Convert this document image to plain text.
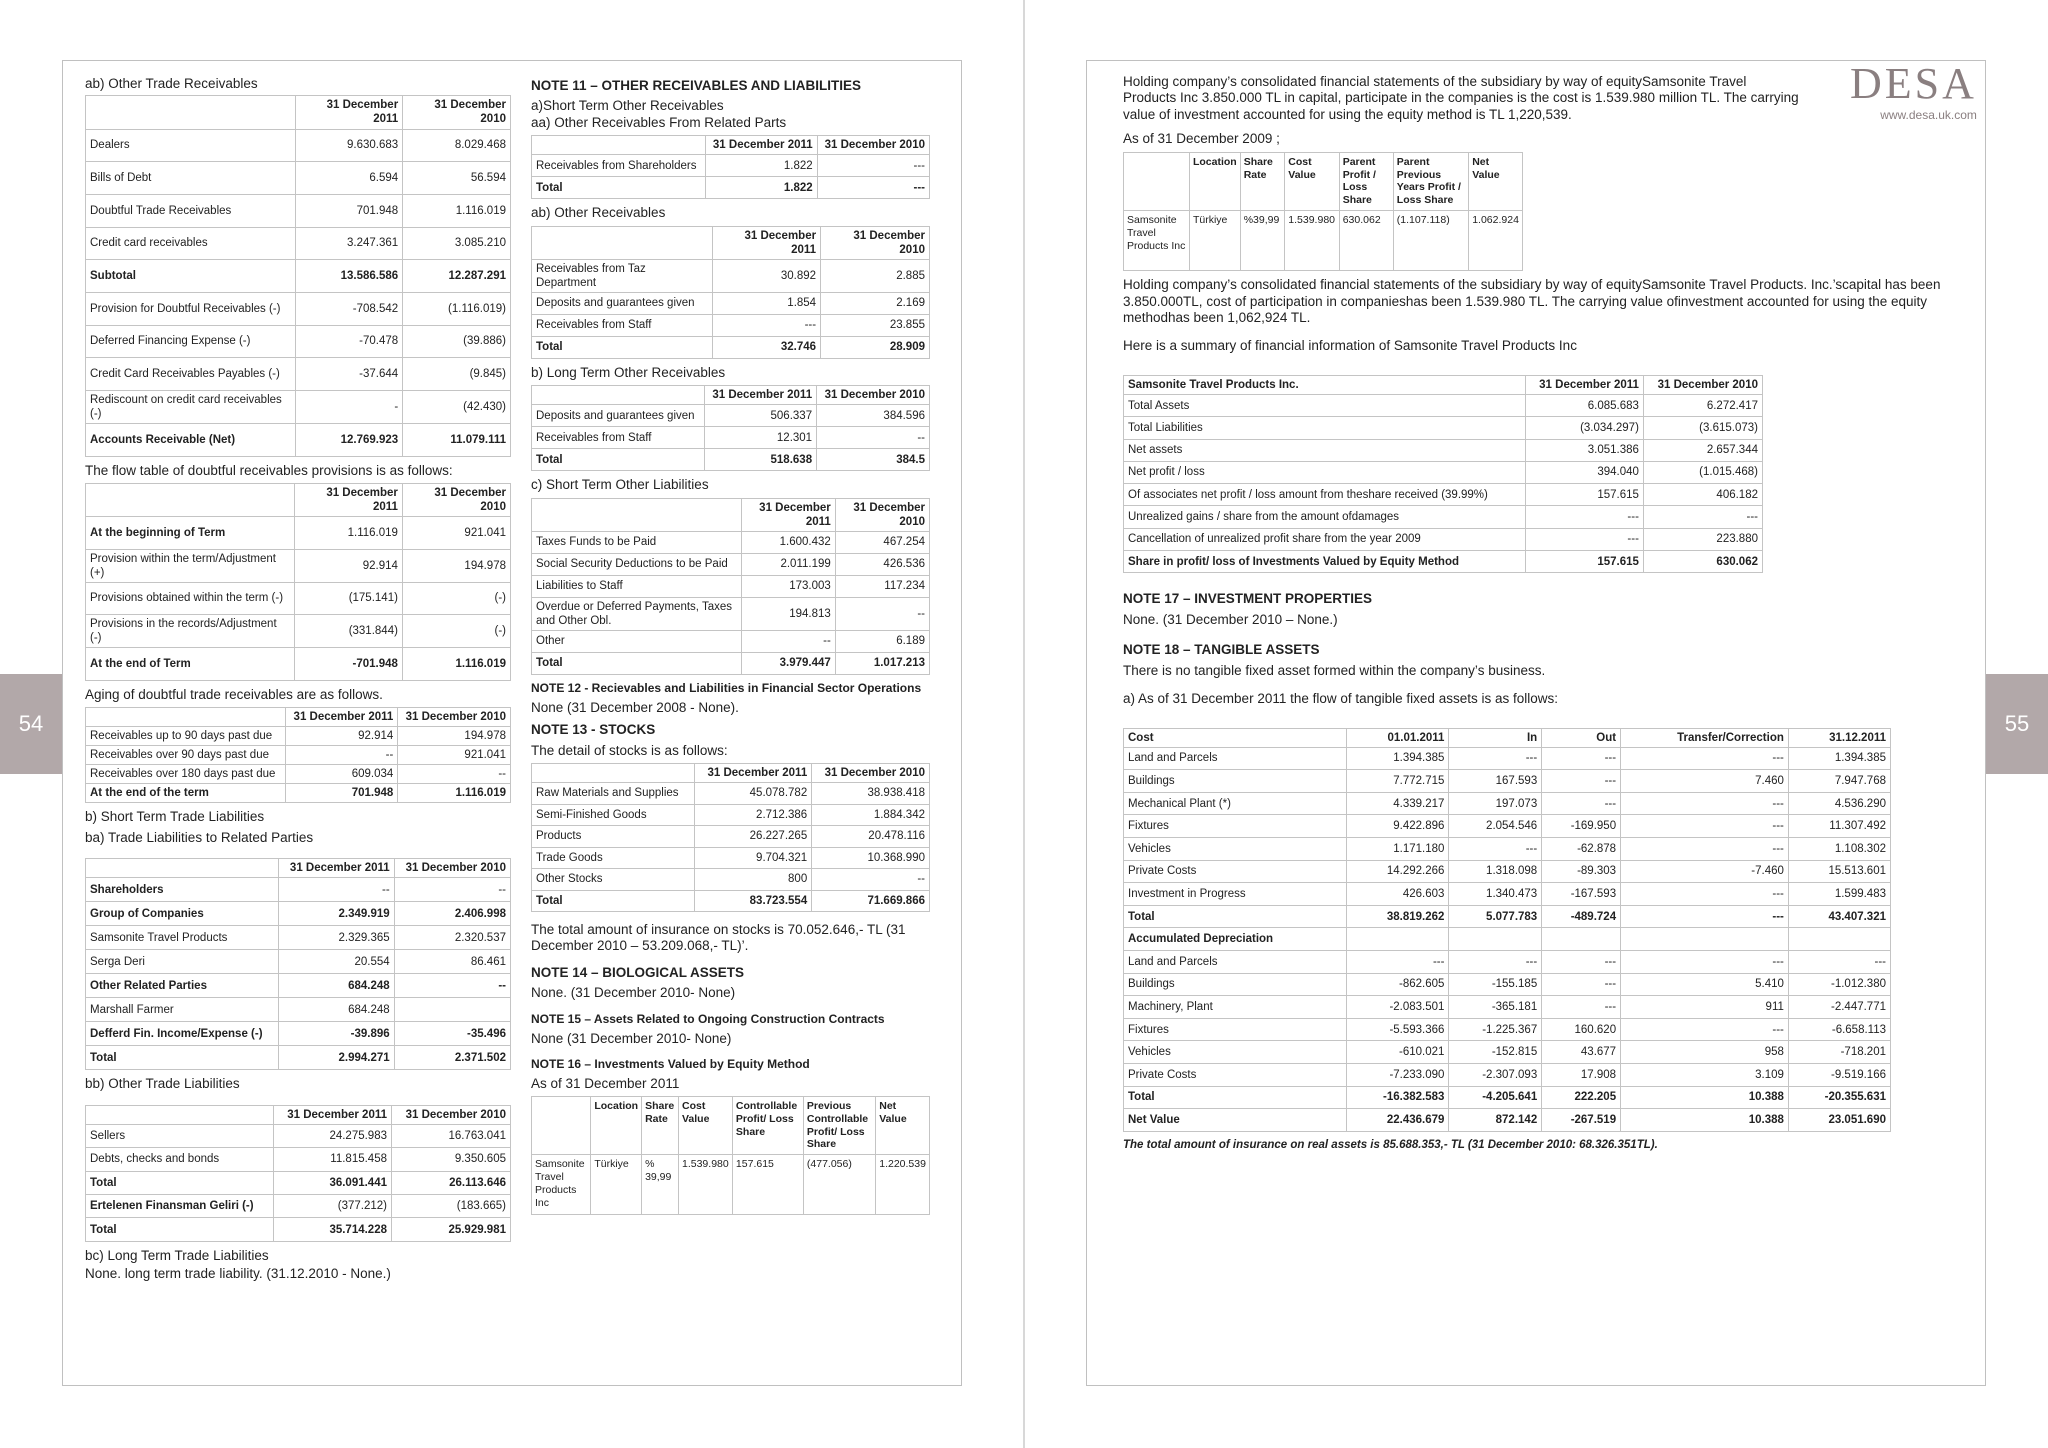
54	55
DESA
www.desa.uk.com
ab) Other Trade Receivables
	31 December 2011	31 December 2010
Dealers	9.630.683	8.029.468
Bills of Debt	6.594	56.594
Doubtful Trade Receivables	701.948	1.116.019
Credit card receivables	3.247.361	3.085.210
Subtotal	13.586.586	12.287.291
Provision for Doubtful Receivables (-)	-708.542	(1.116.019)
Deferred Financing Expense (-)	-70.478	(39.886)
Credit Card Receivables Payables (-)	-37.644	(9.845)
Rediscount on credit card receivables (-)	-	(42.430)
Accounts Receivable (Net)	12.769.923	11.079.111
The flow table of doubtful receivables provisions is as follows:
	31 December 2011	31 December 2010
At the beginning of Term	1.116.019	921.041
Provision within the term/Adjustment (+)	92.914	194.978
Provisions obtained within the term (-)	(175.141)	(-)
Provisions in the records/Adjustment (-)	(331.844)	(-)
At the end of Term	-701.948	1.116.019
Aging of doubtful trade receivables are as follows.
	31 December 2011	31 December 2010
Receivables up to 90 days past due	92.914	194.978
Receivables over 90 days past due	--	921.041
Receivables over 180 days past due	609.034	--
At the end of the term	701.948	1.116.019
b) Short Term Trade Liabilities
ba) Trade Liabilities to Related Parties
	31 December 2011	31 December 2010
Shareholders	--	--
Group of Companies	2.349.919	2.406.998
Samsonite Travel Products	2.329.365	2.320.537
Serga Deri	20.554	86.461
Other Related Parties	684.248	--
Marshall Farmer	684.248	
Defferd Fin. Income/Expense (-)	-39.896	-35.496
Total	2.994.271	2.371.502
bb) Other Trade Liabilities
	31 December 2011	31 December 2010
Sellers	24.275.983	16.763.041
Debts, checks and bonds	11.815.458	9.350.605
Total	36.091.441	26.113.646
Ertelenen Finansman Geliri (-)	(377.212)	(183.665)
Total	35.714.228	25.929.981
bc) Long Term Trade Liabilities
None. long term trade liability. (31.12.2010 - None.)
NOTE 11 – OTHER RECEIVABLES AND LIABILITIES
a)Short Term Other Receivables
aa) Other Receivables From Related Parts
	31 December 2011	31 December 2010
Receivables from Shareholders	1.822	---
Total	1.822	---
ab) Other Receivables
	31 December 2011	31 December 2010
Receivables from Taz Department	30.892	2.885
Deposits and guarantees given	1.854	2.169
Receivables from Staff	---	23.855
Total	32.746	28.909
b) Long Term Other Receivables
	31 December 2011	31 December 2010
Deposits and guarantees given	506.337	384.596
Receivables from Staff	12.301	--
Total	518.638	384.5
c) Short Term Other Liabilities
	31 December 2011	31 December 2010
Taxes Funds to be Paid	1.600.432	467.254
Social Security Deductions to be Paid	2.011.199	426.536
Liabilities to Staff	173.003	117.234
Overdue or Deferred Payments, Taxes and Other Obl.	194.813	--
Other	--	6.189
Total	3.979.447	1.017.213
NOTE 12 - Recievables and Liabilities in Financial Sector Operations
None (31 December 2008 - None).
NOTE 13 - STOCKS
The detail of stocks is as follows:
	31 December 2011	31 December 2010
Raw Materials and Supplies	45.078.782	38.938.418
Semi-Finished Goods	2.712.386	1.884.342
Products	26.227.265	20.478.116
Trade Goods	9.704.321	10.368.990
Other Stocks	800	--
Total	83.723.554	71.669.866
The total amount of insurance on stocks is 70.052.646,- TL (31 December 2010 – 53.209.068,- TL)’.
NOTE 14 – BIOLOGICAL ASSETS
None. (31 December 2010- None)
NOTE 15 – Assets Related to Ongoing Construction Contracts
None (31 December 2010- None)
NOTE 16 – Investments Valued by Equity Method
As of 31 December 2011
	Location	Share Rate	Cost Value	Controllable Profit/ Loss Share	Previous Controllable Profit/ Loss Share	Net Value
Samsonite Travel Products Inc	Türkiye	% 39,99	1.539.980	157.615	(477.056)	1.220.539
Holding company’s consolidated financial statements of the subsidiary by way of equitySamsonite Travel Products Inc 3.850.000 TL in capital, participate in the companies is the cost is 1.539.980 million TL. The carrying value of investment accounted for using the equity method is TL 1,220,539.
As of 31 December 2009 ;
	Location	Share Rate	Cost Value	Parent Profit / Loss Share	Parent Previous Years Profit / Loss Share	Net Value
Samsonite Travel Products Inc	Türkiye	%39,99	1.539.980	630.062	(1.107.118)	1.062.924
Holding company’s consolidated financial statements of the subsidiary by way of equitySamsonite Travel Products. Inc.’scapital has been 3.850.000TL, cost of participation in companieshas been 1.539.980 TL. The carrying value ofinvestment accounted for using the equity methodhas been 1,062,924 TL.
Here is a summary of financial information of Samsonite Travel Products Inc
Samsonite Travel Products Inc.	31 December 2011	31 December 2010
Total Assets	6.085.683	6.272.417
Total Liabilities	(3.034.297)	(3.615.073)
Net assets	3.051.386	2.657.344
Net profit / loss	394.040	(1.015.468)
Of associates net profit / loss amount from theshare received (39.99%)	157.615	406.182
Unrealized gains / share from the amount ofdamages	---	---
Cancellation of unrealized profit share from the year 2009	---	223.880
Share in profit/ loss of Investments Valued by Equity Method	157.615	630.062
NOTE 17 – INVESTMENT PROPERTIES
None. (31 December 2010 – None.)
NOTE 18 – TANGIBLE ASSETS
There is no tangible fixed asset formed within the company’s business.
a) As of 31 December 2011 the flow of tangible fixed assets is as follows:
Cost	01.01.2011	In	Out	Transfer/Correction	31.12.2011
Land and Parcels	1.394.385	---	---	---	1.394.385
Buildings	7.772.715	167.593	---	7.460	7.947.768
Mechanical Plant (*)	4.339.217	197.073	---	---	4.536.290
Fixtures	9.422.896	2.054.546	-169.950	---	11.307.492
Vehicles	1.171.180	---	-62.878	---	1.108.302
Private Costs	14.292.266	1.318.098	-89.303	-7.460	15.513.601
Investment in Progress	426.603	1.340.473	-167.593	---	1.599.483
Total	38.819.262	5.077.783	-489.724	---	43.407.321
Accumulated Depreciation					
Land and Parcels	---	---	---	---	---
Buildings	-862.605	-155.185	---	5.410	-1.012.380
Machinery, Plant	-2.083.501	-365.181	---	911	-2.447.771
Fixtures	-5.593.366	-1.225.367	160.620	---	-6.658.113
Vehicles	-610.021	-152.815	43.677	958	-718.201
Private Costs	-7.233.090	-2.307.093	17.908	3.109	-9.519.166
Total	-16.382.583	-4.205.641	222.205	10.388	-20.355.631
Net Value	22.436.679	872.142	-267.519	10.388	23.051.690
The total amount of insurance on real assets is 85.688.353,- TL (31 December 2010: 68.326.351TL).
